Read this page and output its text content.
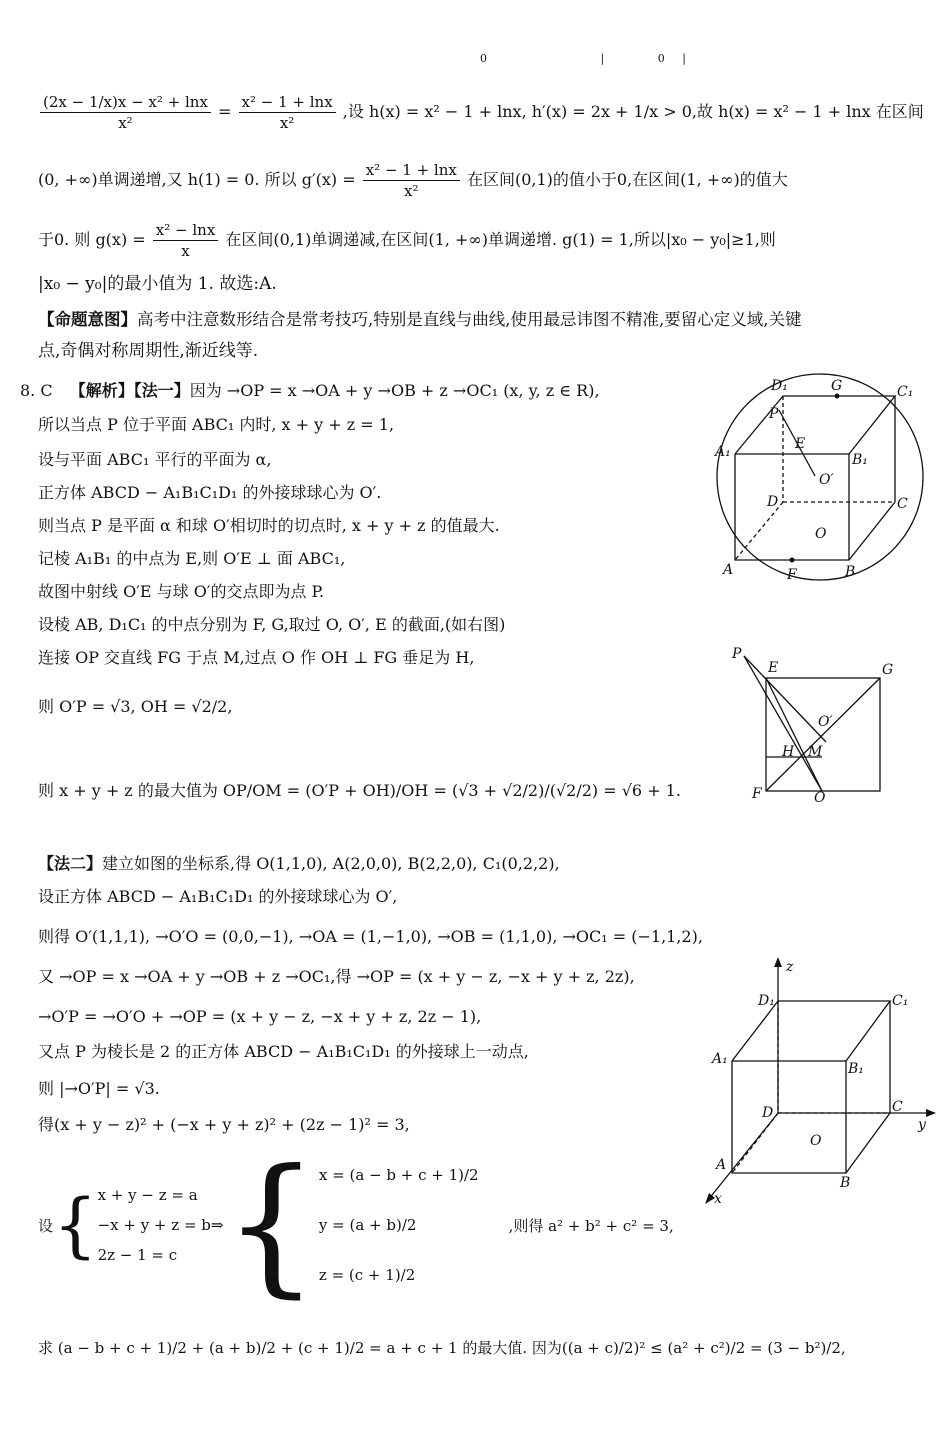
0	|	0 |
$\frac{\text{(2x − 1/x)x − x² + lnx}}{\text{x²}} = \frac{\text{x² − 1 + lnx}}{\text{x²}}$ ,设 h(x) = x² − 1 + lnx, h′(x) = 2x + 1/x > 0,故 h(x) = x² − 1 + lnx 在区间
(0, +∞)单调递增,又 h(1) = 0. 所以 $g'(x) = \frac{\text{x² − 1 + lnx}}{\text{x²}}$ 在区间(0,1)的值小于0,在区间(1, +∞)的值大
于0. 则 $g(x) = \frac{\text{x² − lnx}}{x}$ 在区间(0,1)单调递减,在区间(1, +∞)单调递增. g(1) = 1,所以|x₀ − y₀|≥1,则
|x₀ − y₀|的最小值为 1. 故选:A.
【命题意图】高考中注意数形结合是常考技巧,特别是直线与曲线,使用最忌讳图不精准,要留心定义域,关键
点,奇偶对称周期性,渐近线等.
8. C 【解析】【法一】因为 →OP = x →OA + y →OB + z →OC₁ (x, y, z ∈ R),
所以当点 P 位于平面 ABC₁ 内时, x + y + z = 1,
设与平面 ABC₁ 平行的平面为 α,
正方体 ABCD − A₁B₁C₁D₁ 的外接球球心为 O′.
则当点 P 是平面 α 和球 O′相切时的切点时, x + y + z 的值最大.
记棱 A₁B₁ 的中点为 E,则 O′E ⊥ 面 ABC₁,
故图中射线 O′E 与球 O′的交点即为点 P.
设棱 AB, D₁C₁ 的中点分别为 F, G,取过 O, O′, E 的截面,(如右图)
连接 OP 交直线 FG 于点 M,过点 O 作 OH ⊥ FG 垂足为 H,
则 O′P = √3, OH = √2/2,
则 x + y + z 的最大值为 OP/OM = (O′P + OH)/OH = (√3 + √2/2)/(√2/2) = √6 + 1.
【法二】建立如图的坐标系,得 O(1,1,0), A(2,0,0), B(2,2,0), C₁(0,2,2),
设正方体 ABCD − A₁B₁C₁D₁ 的外接球球心为 O′,
则得 O′(1,1,1), →O′O = (0,0,−1), →OA = (1,−1,0), →OB = (1,1,0), →OC₁ = (−1,1,2),
又 →OP = x →OA + y →OB + z →OC₁,得 →OP = (x + y − z, −x + y + z, 2z),
→O′P = →O′O + →OP = (x + y − z, −x + y + z, 2z − 1),
又点 P 为棱长是 2 的正方体 ABCD − A₁B₁C₁D₁ 的外接球上一动点,
则 |→O′P| = √3.
得(x + y − z)² + (−x + y + z)² + (2z − 1)² = 3,
设 { x + y − z = a
−x + y + z = b
2z − 1 = c
⇒ { x = (a − b + c + 1)/2
y = (a + b)/2
z = (c + 1)/2
,则得 a² + b² + c² = 3,
求 (a − b + c + 1)/2 + (a + b)/2 + (c + 1)/2 = a + c + 1 的最大值. 因为((a + c)/2)² ≤ (a² + c²)/2 = (3 − b²)/2,
D₁	G	C₁
P
E
A₁	B₁
O′
D	C
O
A	F	B
P
E	G
O′
H M
F	O
z
D₁	C₁
A₁
B₁
D	C
y
O
A
B
x
